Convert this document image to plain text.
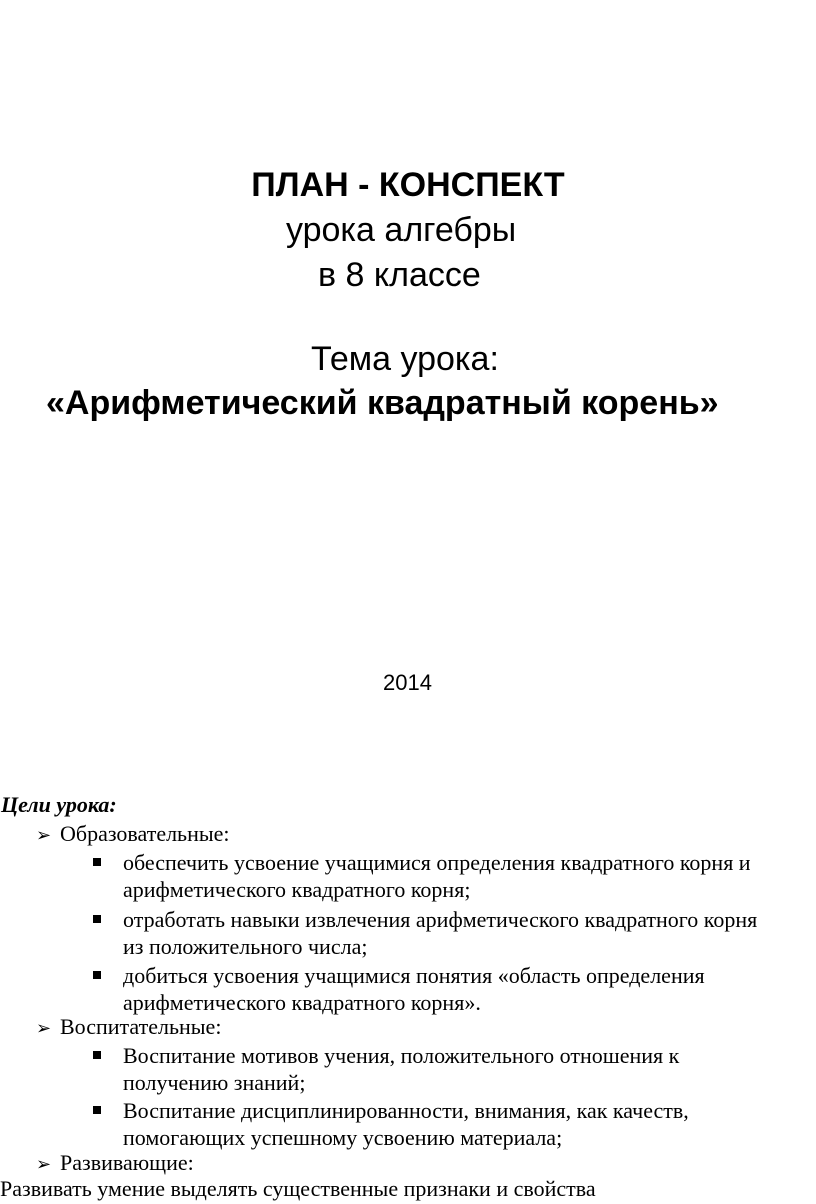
ПЛАН - КОНСПЕКТ
урока алгебры
в 8 классе
Тема урока:
«Арифметический квадратный корень»
2014
Цели урока:
➢ Образовательные:
обеспечить усвоение учащимися определения квадратного корня и
арифметического квадратного корня;
отработать навыки извлечения арифметического квадратного корня
из положительного числа;
добиться усвоения учащимися понятия «область определения
арифметического квадратного корня».
➢ Воспитательные:
Воспитание мотивов учения, положительного отношения к
получению знаний;
Воспитание дисциплинированности, внимания, как качеств,
помогающих успешному усвоению материала;
➢ Развивающие:
Развивать умение выделять существенные признаки и свойства
